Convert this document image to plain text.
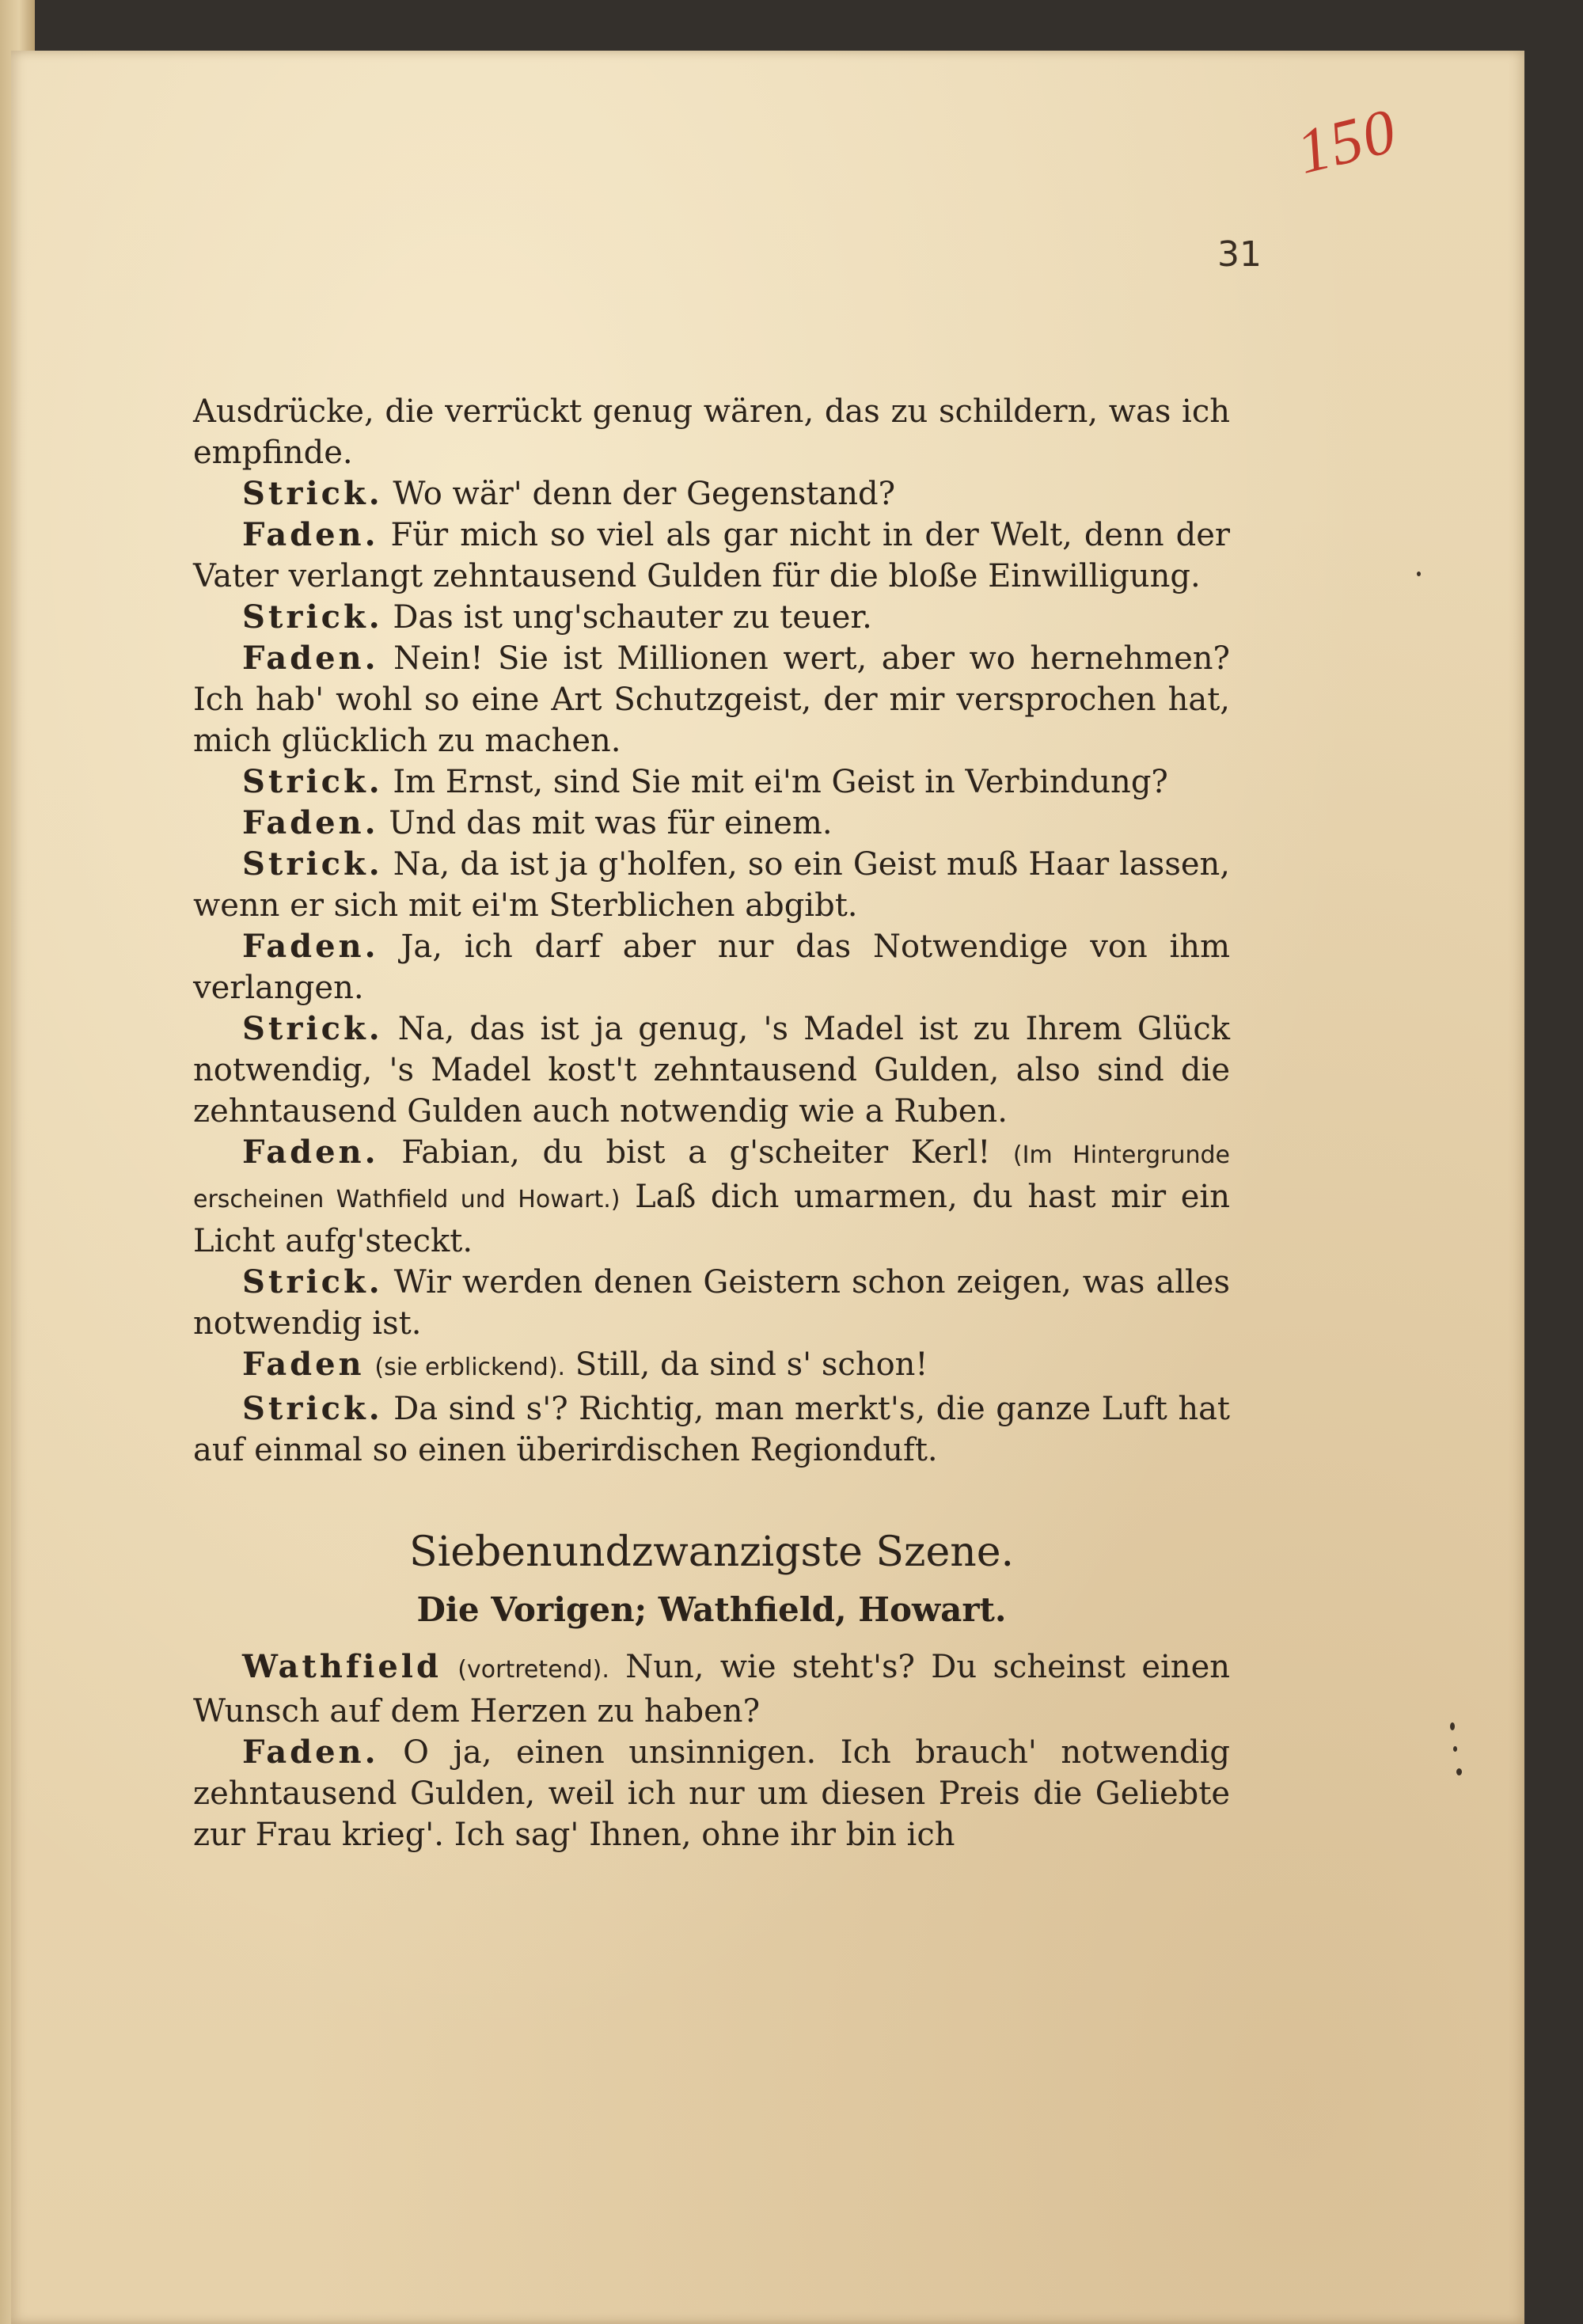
150
31

Ausdrücke, die verrückt genug wären, das zu schildern, was ich empfinde.

Strick. Wo wär' denn der Gegenstand?

Faden. Für mich so viel als gar nicht in der Welt, denn der Vater verlangt zehntausend Gulden für die bloße Einwilligung.

Strick. Das ist ung'schauter zu teuer.

Faden. Nein! Sie ist Millionen wert, aber wo hernehmen? Ich hab' wohl so eine Art Schutzgeist, der mir versprochen hat, mich glücklich zu machen.

Strick. Im Ernst, sind Sie mit ei'm Geist in Verbindung?

Faden. Und das mit was für einem.

Strick. Na, da ist ja g'holfen, so ein Geist muß Haar lassen, wenn er sich mit ei'm Sterblichen abgibt.

Faden. Ja, ich darf aber nur das Notwendige von ihm verlangen.

Strick. Na, das ist ja genug, 's Madel ist zu Ihrem Glück notwendig, 's Madel kost't zehntausend Gulden, also sind die zehntausend Gulden auch notwendig wie a Ruben.

Faden. Fabian, du bist a g'scheiter Kerl! (Im Hintergrunde erscheinen Wathfield und Howart.) Laß dich umarmen, du hast mir ein Licht aufg'steckt.

Strick. Wir werden denen Geistern schon zeigen, was alles notwendig ist.

Faden (sie erblickend). Still, da sind s' schon!

Strick. Da sind s'? Richtig, man merkt's, die ganze Luft hat auf einmal so einen überirdischen Regionduft.

Siebenundzwanzigste Szene.

Die Vorigen; Wathfield, Howart.

Wathfield (vortretend). Nun, wie steht's? Du scheinst einen Wunsch auf dem Herzen zu haben?

Faden. O ja, einen unsinnigen. Ich brauch' notwendig zehntausend Gulden, weil ich nur um diesen Preis die Geliebte zur Frau krieg'. Ich sag' Ihnen, ohne ihr bin ich
